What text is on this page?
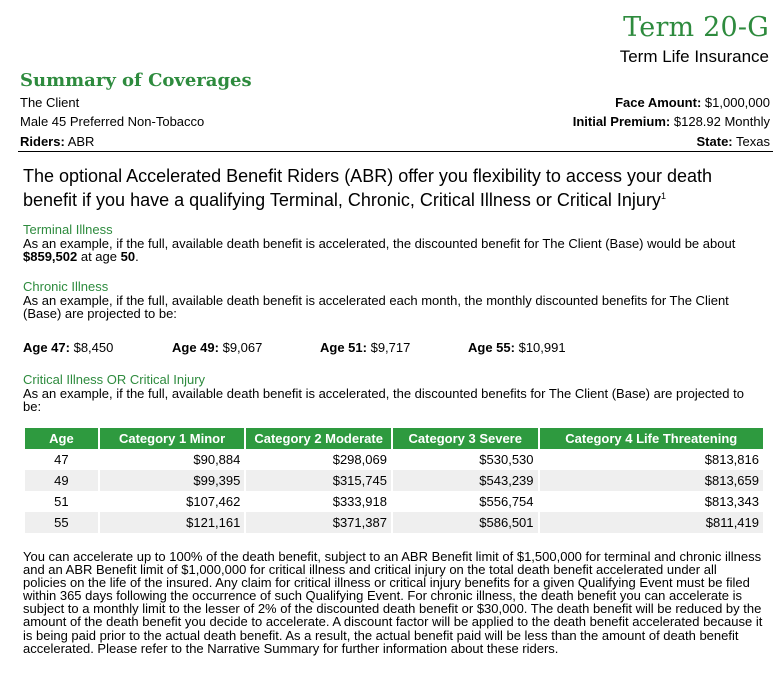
Term 20-G
Term Life Insurance
Summary of Coverages
The Client
Male 45 Preferred Non-Tobacco
Riders: ABR
Face Amount: $1,000,000
Initial Premium: $128.92 Monthly
State: Texas
The optional Accelerated Benefit Riders (ABR) offer you flexibility to access your death benefit if you have a qualifying Terminal, Chronic, Critical Illness or Critical Injury$^1$
Terminal Illness
As an example, if the full, available death benefit is accelerated, the discounted benefit for The Client (Base) would be about $859,502 at age 50.
Chronic Illness
As an example, if the full, available death benefit is accelerated each month, the monthly discounted benefits for The Client (Base) are projected to be:
Age 47: $8,450	Age 49: $9,067	Age 51: $9,717	Age 55: $10,991
Critical Illness OR Critical Injury
As an example, if the full, available death benefit is accelerated, the discounted benefits for The Client (Base) are projected to be:
Age	Category 1 Minor	Category 2 Moderate	Category 3 Severe	Category 4 Life Threatening
47	$90,884	$298,069	$530,530	$813,816
49	$99,395	$315,745	$543,239	$813,659
51	$107,462	$333,918	$556,754	$813,343
55	$121,161	$371,387	$586,501	$811,419
You can accelerate up to 100% of the death benefit, subject to an ABR Benefit limit of $1,500,000 for terminal and chronic illness and an ABR Benefit limit of $1,000,000 for critical illness and critical injury on the total death benefit accelerated under all policies on the life of the insured. Any claim for critical illness or critical injury benefits for a given Qualifying Event must be filed within 365 days following the occurrence of such Qualifying Event. For chronic illness, the death benefit you can accelerate is subject to a monthly limit to the lesser of 2% of the discounted death benefit or $30,000. The death benefit will be reduced by the amount of the death benefit you decide to accelerate. A discount factor will be applied to the death benefit accelerated because it is being paid prior to the actual death benefit. As a result, the actual benefit paid will be less than the amount of death benefit accelerated. Please refer to the Narrative Summary for further information about these riders.
